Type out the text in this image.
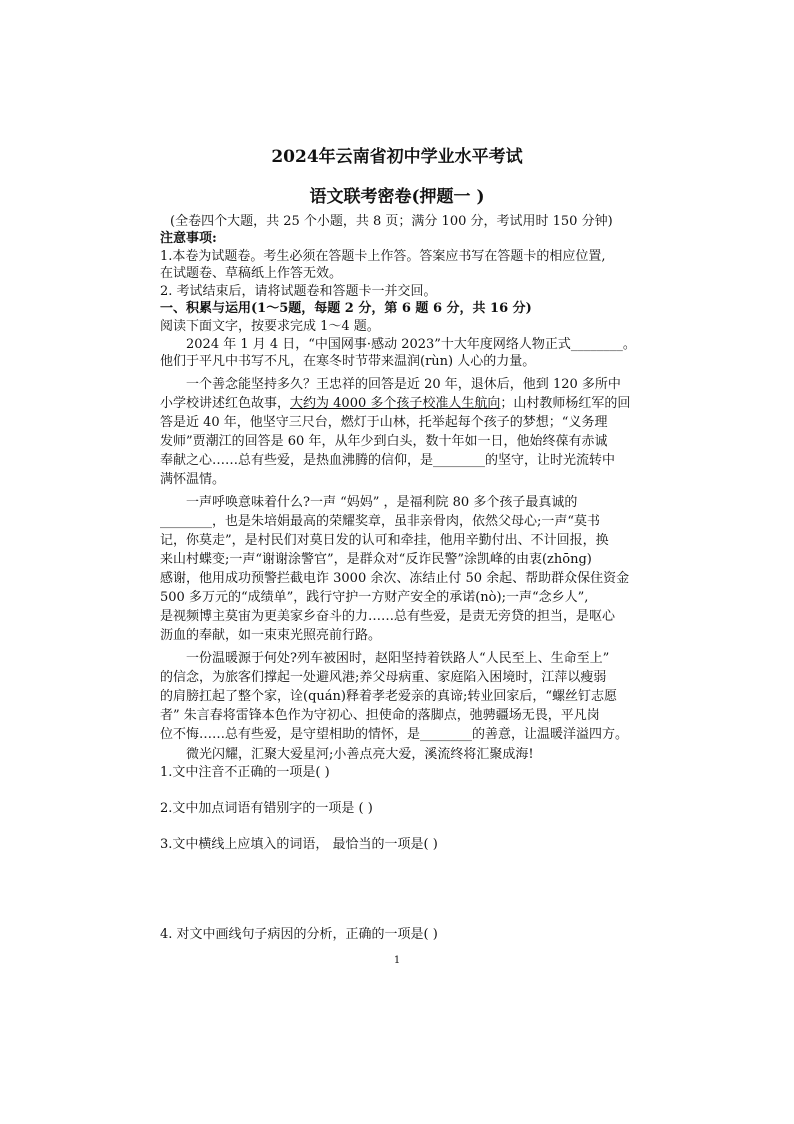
2024年云南省初中学业水平考试
语文联考密卷(押题一 )
(全卷四个大题，共 25 个小题，共 8 页；满分 100 分，考试用时 150 分钟)
注意事项:
1.本卷为试题卷。考生必须在答题卡上作答。答案应书写在答题卡的相应位置,
在试题卷、草稿纸上作答无效。
2. 考试结束后，请将试题卷和答题卡一并交回。
一、积累与运用(1～5题，每题 2 分，第 6 题 6 分，共 16 分)
阅读下面文字，按要求完成 1～4 题。
2024 年 1 月 4 日，“中国网事·感动 2023”十大年度网络人物正式________。
他们于平凡中书写不凡，在寒冬时节带来温润(rùn) 人心的力量。
一个善念能坚持多久？王忠祥的回答是近 20 年，退休后，他到 120 多所中
小学校讲述红色故事，大约为 4000 多个孩子校准人生航向；山村教师杨红军的回
答是近 40 年，他坚守三尺台，燃灯于山林，托举起每个孩子的梦想；“义务理
发师”贾潮江的回答是 60 年，从年少到白头，数十年如一日，他始终葆有赤诚
奉献之心……总有些爱，是热血沸腾的信仰，是________的坚守，让时光流转中
满怀温情。
一声呼唤意味着什么?一声 “妈妈” ，是福利院 80 多个孩子最真诚的
________，也是朱培娟最高的荣耀奖章，虽非亲骨肉，依然父母心;一声“莫书
记，你莫走”，是村民们对莫日发的认可和牵挂，他用辛勤付出、不计回报，换
来山村蝶变;一声“谢谢涂警官”，是群众对“反诈民警”涂凯峰的由衷(zhōng)
感谢，他用成功预警拦截电诈 3000 余次、冻结止付 50 余起、帮助群众保住资金
500 多万元的“成绩单”，践行守护一方财产安全的承诺(nò);一声“念乡人”,
是视频博主莫宙为更美家乡奋斗的力……总有些爱，是责无旁贷的担当，是呕心
沥血的奉献，如一束束光照亮前行路。
一份温暖源于何处?列车被困时，赵阳坚持着铁路人“人民至上、生命至上”
的信念，为旅客们撑起一处避风港;养父母病重、家庭陷入困境时，江萍以瘦弱
的肩膀扛起了整个家，诠(quán)释着孝老爱亲的真谛;转业回家后，“螺丝钉志愿
者” 朱言春将雷锋本色作为守初心、担使命的落脚点，弛骋疆场无畏，平凡岗
位不悔……总有些爱，是守望相助的情怀，是________的善意，让温暖洋溢四方。
微光闪耀，汇聚大爱星河;小善点亮大爱，溪流终将汇聚成海!
1.文中注音不正确的一项是( )
2.文中加点词语有错别字的一项是 ( )
3.文中横线上应填入的词语， 最恰当的一项是( )
4. 对文中画线句子病因的分析，正确的一项是( )
1
